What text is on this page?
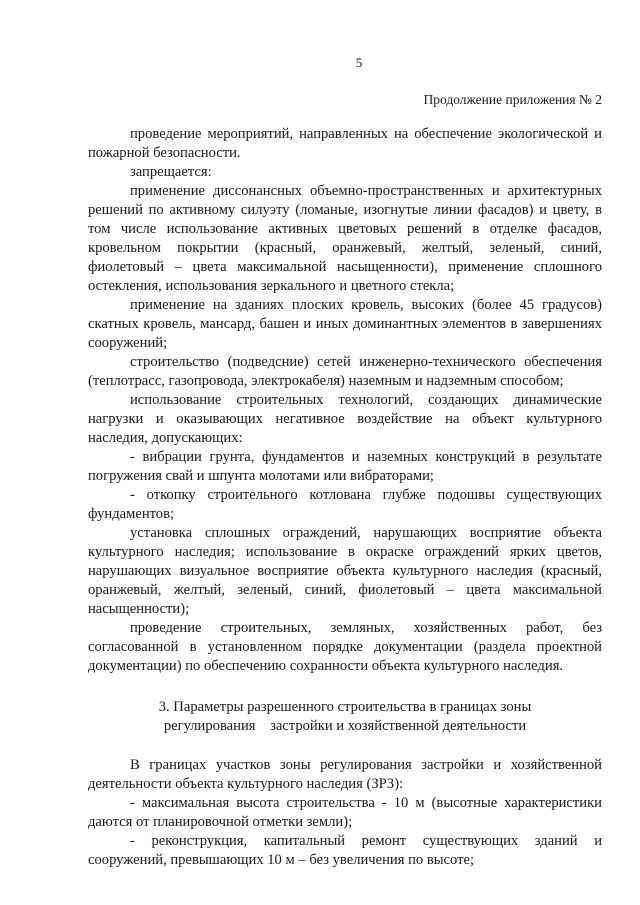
5
Продолжение приложения № 2

проведение мероприятий, направленных на обеспечение экологической и пожарной безопасности.

запрещается:

применение диссонансных объемно-пространственных и архитектурных решений по активному силуэту (ломаные, изогнутые линии фасадов) и цвету, в том числе использование активных цветовых решений в отделке фасадов, кровельном покрытии (красный, оранжевый, желтый, зеленый, синий, фиолетовый – цвета максимальной насыщенности), применение сплошного остекления, использования зеркального и цветного стекла;

применение на зданиях плоских кровель, высоких (более 45 градусов) скатных кровель, мансард, башен и иных доминантных элементов в завершениях сооружений;

строительство (подведсние) сетей инженерно-технического обеспечения (теплотрасс, газопровода, электрокабеля) наземным и надземным способом;

использование строительных технологий, создающих динамические нагрузки и оказывающих негативное воздействие на объект культурного наследия, допускающих:

- вибрации грунта, фундаментов и наземных конструкций в результате погружения свай и шпунта молотами или вибраторами;

- откопку строительного котлована глубже подошвы существующих фундаментов;

установка сплошных ограждений, нарушающих восприятие объекта культурного наследия; использование в окраске ограждений ярких цветов, нарушающих визуальное восприятие объекта культурного наследия (красный, оранжевый, желтый, зеленый, синий, фиолетовый – цвета максимальной насыщенности);

проведение строительных, земляных, хозяйственных работ, без согласованной в установленном порядке документации (раздела проектной документации) по обеспечению сохранности объекта культурного наследия.

3. Параметры разрешенного строительства в границах зоны
регулирования    застройки и хозяйственной деятельности

В границах участков зоны регулирования застройки и хозяйственной деятельности объекта культурного наследия (ЗРЗ):

- максимальная высота строительства - 10 м (высотные характеристики даются от планировочной отметки земли);

- реконструкция, капитальный ремонт существующих зданий и сооружений, превышающих 10 м – без увеличения по высоте;
